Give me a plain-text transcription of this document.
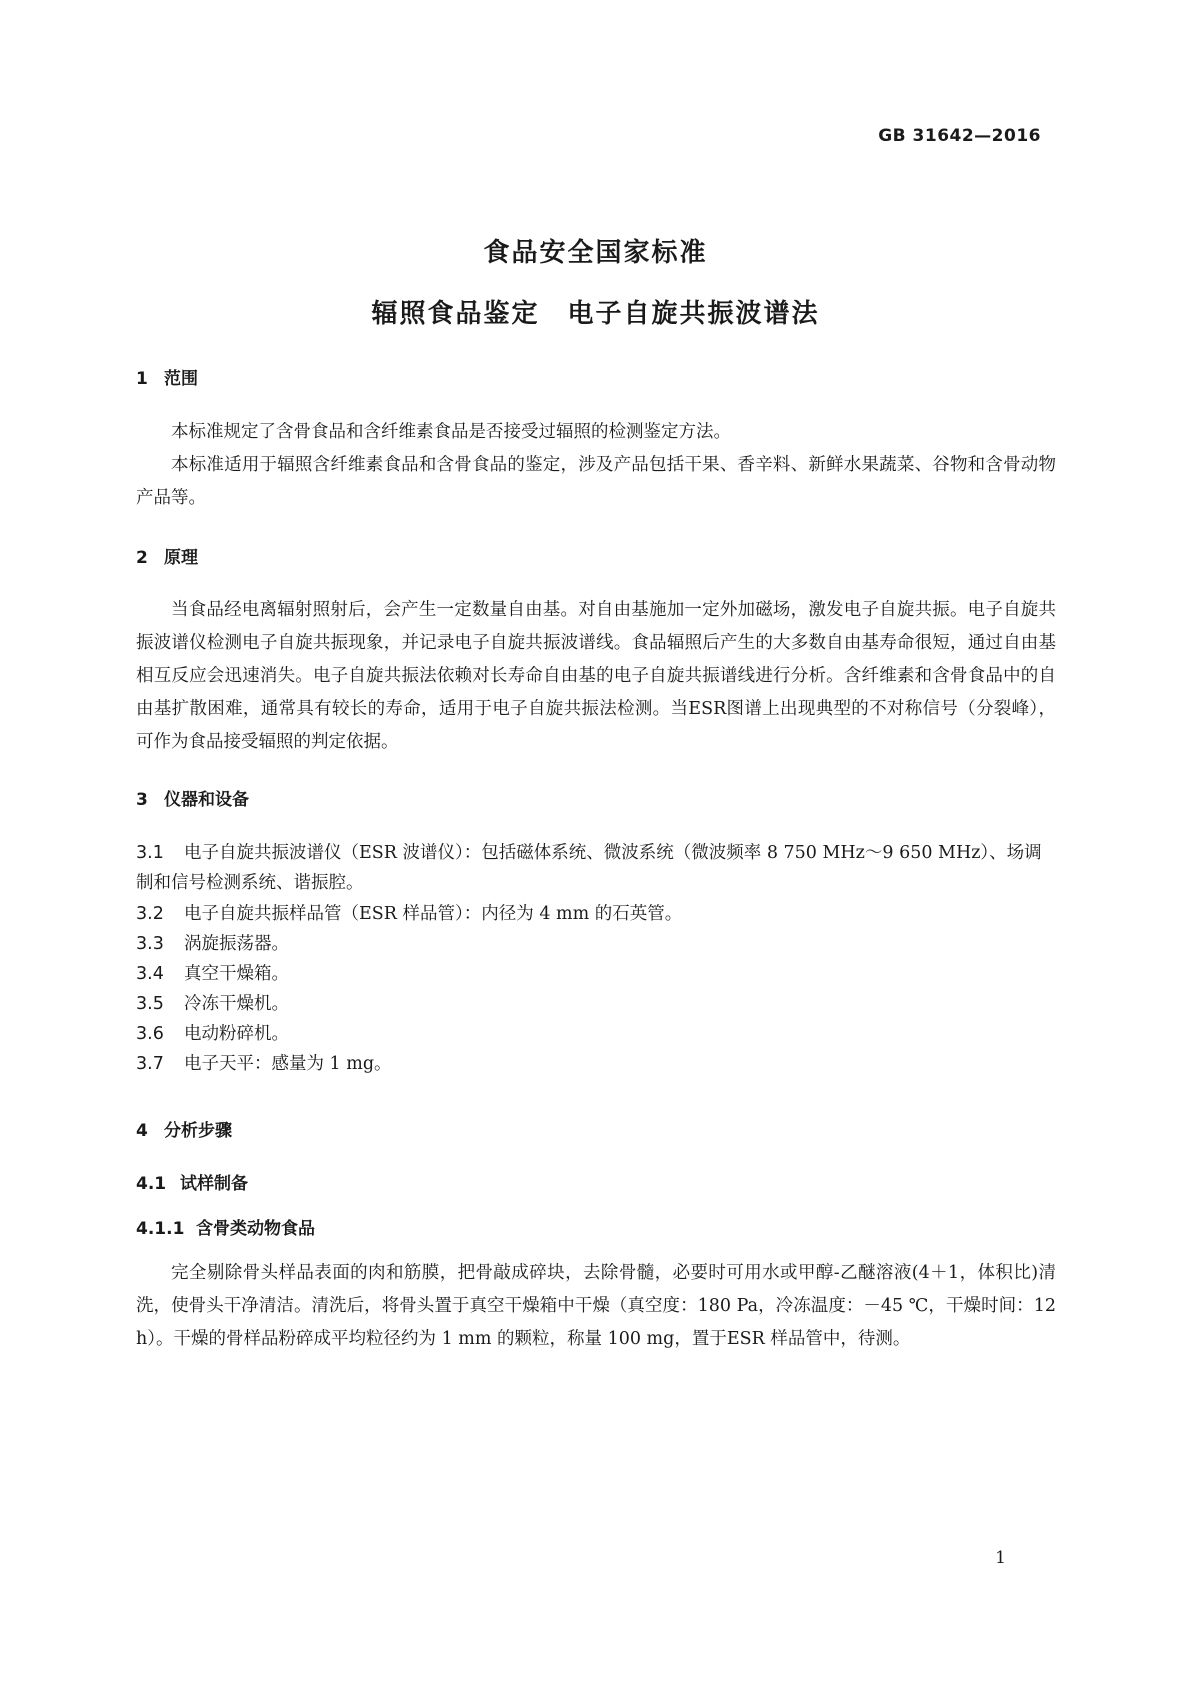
GB 31642—2016
食品安全国家标准
辐照食品鉴定　电子自旋共振波谱法
1 范围
本标准规定了含骨食品和含纤维素食品是否接受过辐照的检测鉴定方法。
本标准适用于辐照含纤维素食品和含骨食品的鉴定，涉及产品包括干果、香辛料、新鲜水果蔬菜、谷物和含骨动物产品等。
2 原理
当食品经电离辐射照射后，会产生一定数量自由基。对自由基施加一定外加磁场，激发电子自旋共振。电子自旋共振波谱仪检测电子自旋共振现象，并记录电子自旋共振波谱线。食品辐照后产生的大多数自由基寿命很短，通过自由基相互反应会迅速消失。电子自旋共振法依赖对长寿命自由基的电子自旋共振谱线进行分析。含纤维素和含骨食品中的自由基扩散困难，通常具有较长的寿命，适用于电子自旋共振法检测。当ESR图谱上出现典型的不对称信号（分裂峰），可作为食品接受辐照的判定依据。
3 仪器和设备
3.1 电子自旋共振波谱仪（ESR 波谱仪）：包括磁体系统、微波系统（微波频率 8 750 MHz～9 650 MHz）、场调制和信号检测系统、谐振腔。
3.2 电子自旋共振样品管（ESR 样品管）：内径为 4 mm 的石英管。
3.3 涡旋振荡器。
3.4 真空干燥箱。
3.5 冷冻干燥机。
3.6 电动粉碎机。
3.7 电子天平：感量为 1 mg。
4 分析步骤
4.1 试样制备
4.1.1 含骨类动物食品
完全剔除骨头样品表面的肉和筋膜，把骨敲成碎块，去除骨髓，必要时可用水或甲醇-乙醚溶液(4＋1，体积比)清洗，使骨头干净清洁。清洗后，将骨头置于真空干燥箱中干燥（真空度：180 Pa，冷冻温度：－45 ℃，干燥时间：12 h）。干燥的骨样品粉碎成平均粒径约为 1 mm 的颗粒，称量 100 mg，置于ESR 样品管中，待测。
1
